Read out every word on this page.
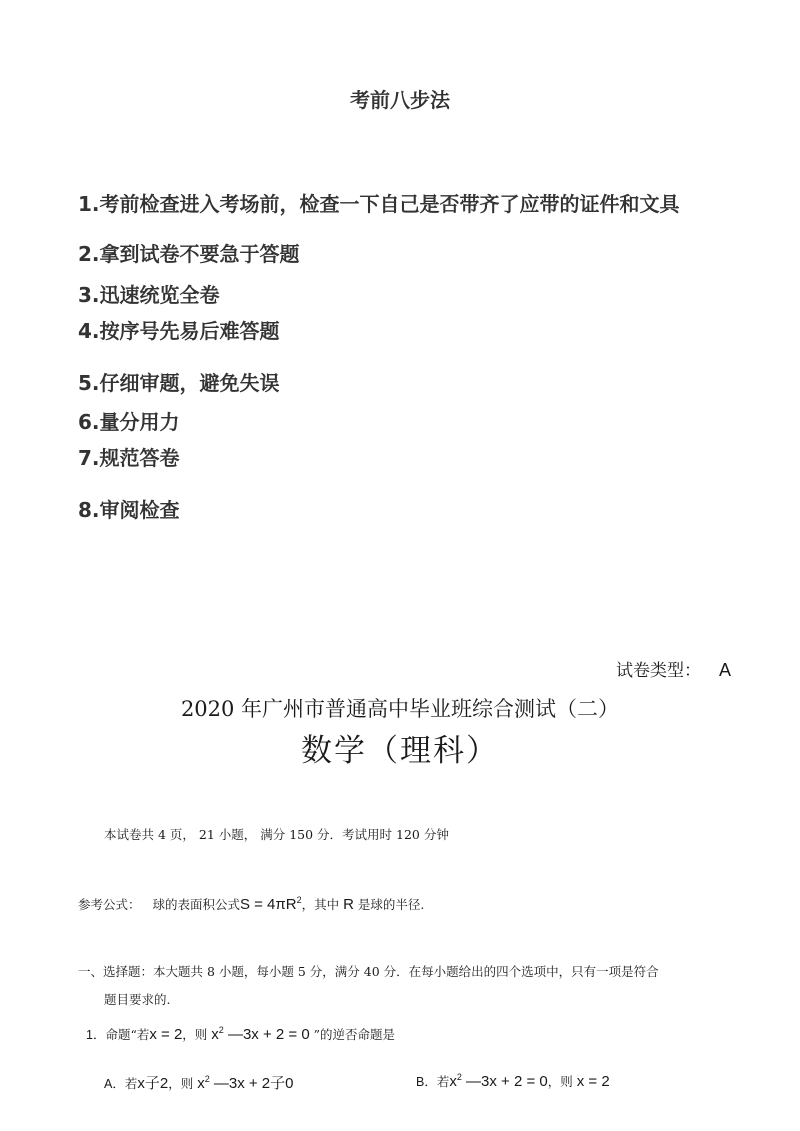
考前八步法
1.考前检查进入考场前，检查一下自己是否带齐了应带的证件和文具
2.拿到试卷不要急于答题
3.迅速统览全卷
4.按序号先易后难答题
5.仔细审题，避免失误
6.量分用力
7.规范答卷
8.审阅检查
试卷类型： A
2020 年广州市普通高中毕业班综合测试（二）
数学（理科）
本试卷共 4 页， 21 小题， 满分 150 分．考试用时 120 分钟
参考公式： 球的表面积公式$S = 4\pi R^2$，其中 R 是球的半径.
一、选择题：本大题共 8 小题，每小题 5 分，满分 40 分．在每小题给出的四个选项中，只有一项是符合
题目要求的.
1．命题“若x = 2，则 $x^2$ —3x + 2 = 0 ”的逆否命题是
A．若x子2，则 $x^2$ —3x + 2子0	B．若$x^2$ —3x + 2 = 0，则 x = 2
